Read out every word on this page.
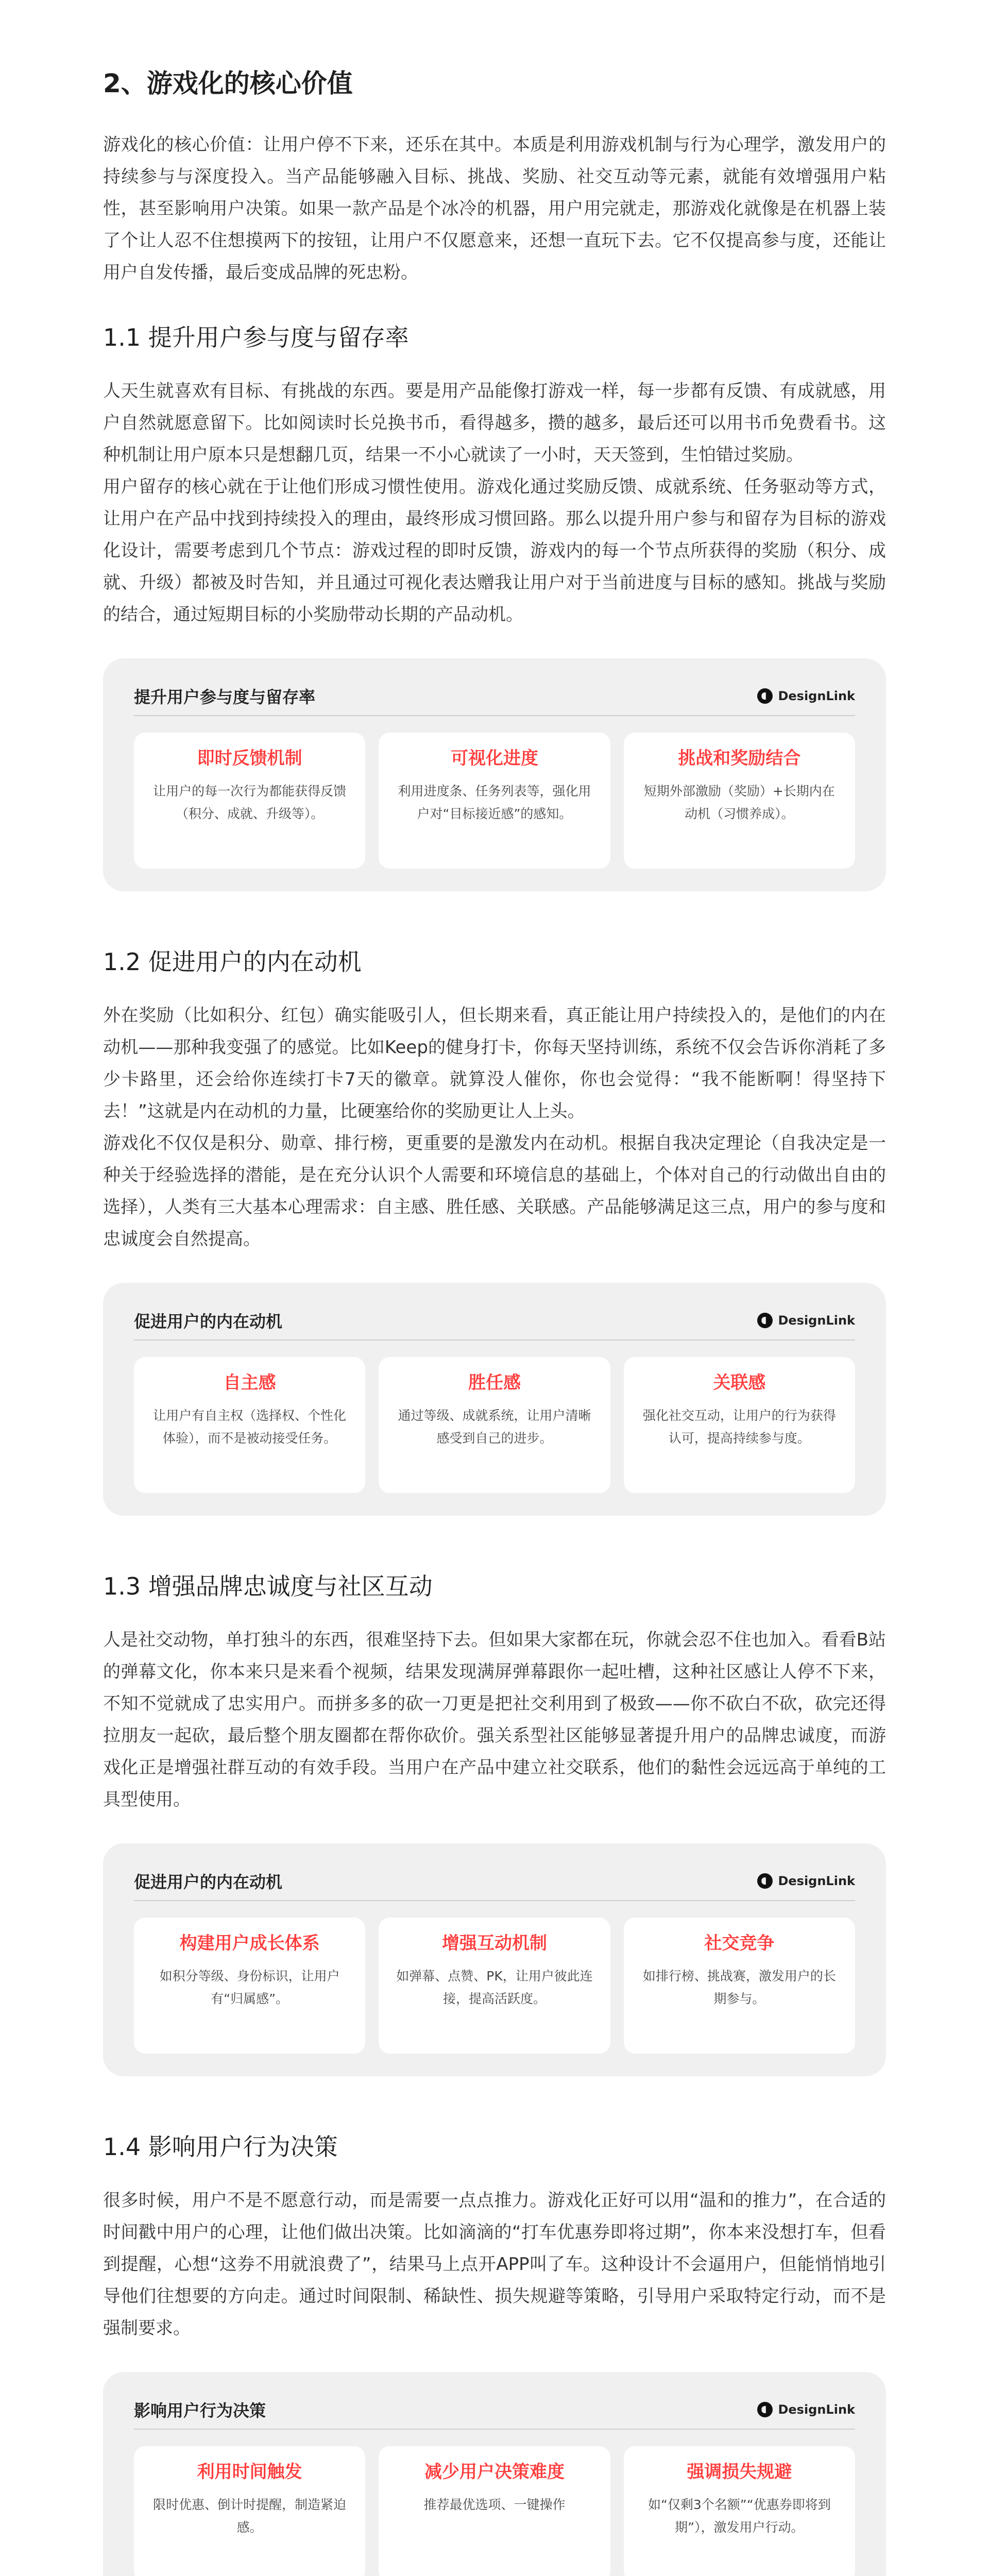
2、游戏化的核心价值

游戏化的核心价值：让用户停不下来，还乐在其中。本质是利用游戏机制与行为心理学，激发用户的持续参与与深度投入。当产品能够融入目标、挑战、奖励、社交互动等元素，就能有效增强用户粘性，甚至影响用户决策。如果一款产品是个冰冷的机器，用户用完就走，那游戏化就像是在机器上装了个让人忍不住想摸两下的按钮，让用户不仅愿意来，还想一直玩下去。它不仅提高参与度，还能让用户自发传播，最后变成品牌的死忠粉。

1.1 提升用户参与度与留存率

人天生就喜欢有目标、有挑战的东西。要是用产品能像打游戏一样，每一步都有反馈、有成就感，用户自然就愿意留下。比如阅读时长兑换书币，看得越多，攒的越多，最后还可以用书币免费看书。这种机制让用户原本只是想翻几页，结果一不小心就读了一小时，天天签到，生怕错过奖励。

用户留存的核心就在于让他们形成习惯性使用。游戏化通过奖励反馈、成就系统、任务驱动等方式，让用户在产品中找到持续投入的理由，最终形成习惯回路。那么以提升用户参与和留存为目标的游戏化设计，需要考虑到几个节点：游戏过程的即时反馈，游戏内的每一个节点所获得的奖励（积分、成就、升级）都被及时告知，并且通过可视化表达赠我让用户对于当前进度与目标的感知。挑战与奖励的结合，通过短期目标的小奖励带动长期的产品动机。

提升用户参与度与留存率	DesignLink
即时反馈机制
让用户的每一次行为都能获得反馈（积分、成就、升级等）。
可视化进度
利用进度条、任务列表等，强化用户对“目标接近感”的感知。
挑战和奖励结合
短期外部激励（奖励）+长期内在动机（习惯养成）。
1.2 促进用户的内在动机

外在奖励（比如积分、红包）确实能吸引人，但长期来看，真正能让用户持续投入的，是他们的内在动机——那种我变强了的感觉。比如Keep的健身打卡，你每天坚持训练，系统不仅会告诉你消耗了多少卡路里，还会给你连续打卡7天的徽章。就算没人催你，你也会觉得：“我不能断啊！得坚持下去！”这就是内在动机的力量，比硬塞给你的奖励更让人上头。

游戏化不仅仅是积分、勋章、排行榜，更重要的是激发内在动机。根据自我决定理论（自我决定是一种关于经验选择的潜能，是在充分认识个人需要和环境信息的基础上，个体对自己的行动做出自由的选择），人类有三大基本心理需求：自主感、胜任感、关联感。产品能够满足这三点，用户的参与度和忠诚度会自然提高。

促进用户的内在动机	DesignLink
自主感
让用户有自主权（选择权、个性化体验），而不是被动接受任务。
胜任感
通过等级、成就系统，让用户清晰感受到自己的进步。
关联感
强化社交互动，让用户的行为获得认可，提高持续参与度。
1.3 增强品牌忠诚度与社区互动

人是社交动物，单打独斗的东西，很难坚持下去。但如果大家都在玩，你就会忍不住也加入。看看B站的弹幕文化，你本来只是来看个视频，结果发现满屏弹幕跟你一起吐槽，这种社区感让人停不下来，不知不觉就成了忠实用户。而拼多多的砍一刀更是把社交利用到了极致——你不砍白不砍，砍完还得拉朋友一起砍，最后整个朋友圈都在帮你砍价。强关系型社区能够显著提升用户的品牌忠诚度，而游戏化正是增强社群互动的有效手段。当用户在产品中建立社交联系，他们的黏性会远远高于单纯的工具型使用。

促进用户的内在动机	DesignLink
构建用户成长体系
如积分等级、身份标识，让用户有“归属感”。
增强互动机制
如弹幕、点赞、PK，让用户彼此连接，提高活跃度。
社交竞争
如排行榜、挑战赛，激发用户的长期参与。
1.4 影响用户行为决策

很多时候，用户不是不愿意行动，而是需要一点点推力。游戏化正好可以用“温和的推力”，在合适的时间戳中用户的心理，让他们做出决策。比如滴滴的“打车优惠券即将过期”，你本来没想打车，但看到提醒，心想“这券不用就浪费了”，结果马上点开APP叫了车。这种设计不会逼用户，但能悄悄地引导他们往想要的方向走。通过时间限制、稀缺性、损失规避等策略，引导用户采取特定行动，而不是强制要求。

影响用户行为决策	DesignLink
利用时间触发
限时优惠、倒计时提醒，制造紧迫感。
减少用户决策难度
推荐最优选项、一键操作
强调损失规避
如“仅剩3个名额”“优惠券即将到期”），激发用户行动。
